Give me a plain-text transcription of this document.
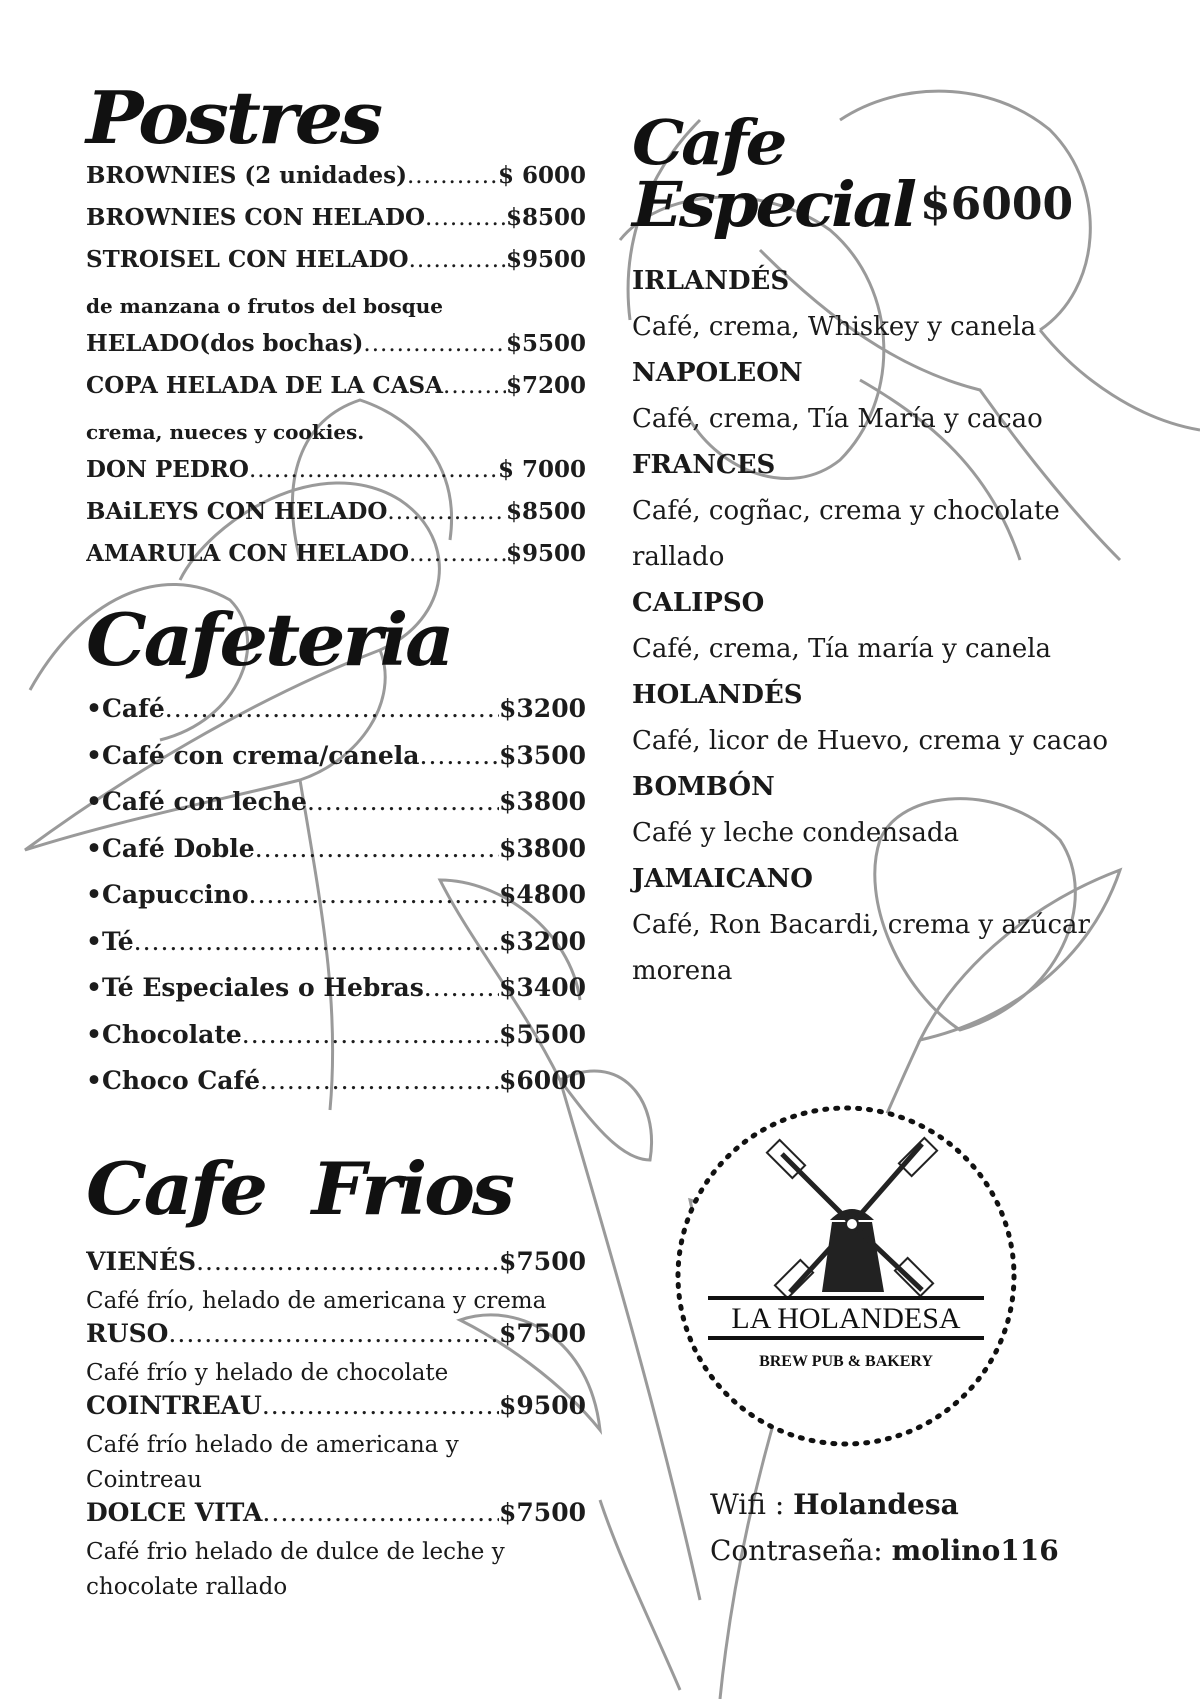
Postres
BROWNIES (2 unidades) .....	$ 6000
BROWNIES CON HELADO .....	$8500
STROISEL CON HELADO .....	$9500
de manzana o frutos del bosque
HELADO(dos bochas) .....	$5500
COPA HELADA DE LA CASA .....	$7200
crema, nueces y cookies.
DON PEDRO .....	$ 7000
BAiLEYS CON HELADO .....	$8500
AMARULA CON HELADO .....	$9500
Cafeteria
•Café .....	$3200
•Café con crema/canela .....	$3500
•Café con leche .....	$3800
•Café Doble .....	$3800
•Capuccino .....	$4800
•Té .....	$3200
•Té Especiales o Hebras .....	$3400
•Chocolate .....	$5500
•Choco Café .....	$6000
Cafe  Frios
VIENÉS .....	$7500
Café frío, helado de americana y crema
RUSO .....	$7500
Café frío y helado de chocolate
COINTREAU .....	$9500
Café frío helado de americana y
Cointreau
DOLCE VITA .....	$7500
Café frio helado de dulce de leche y
chocolate rallado
Cafe
Especial $6000
IRLANDÉS
Café, crema, Whiskey y canela
NAPOLEON
Café, crema, Tía María y cacao
FRANCES
Café, cogñac, crema y chocolate
rallado
CALIPSO
Café, crema, Tía maría y canela
HOLANDÉS
Café, licor de Huevo, crema y cacao
BOMBÓN
Café y leche condensada
JAMAICANO
Café, Ron Bacardi, crema y azúcar
morena
LA HOLANDESA
BREW PUB & BAKERY
Wifi : Holandesa
Contraseña: molino116
